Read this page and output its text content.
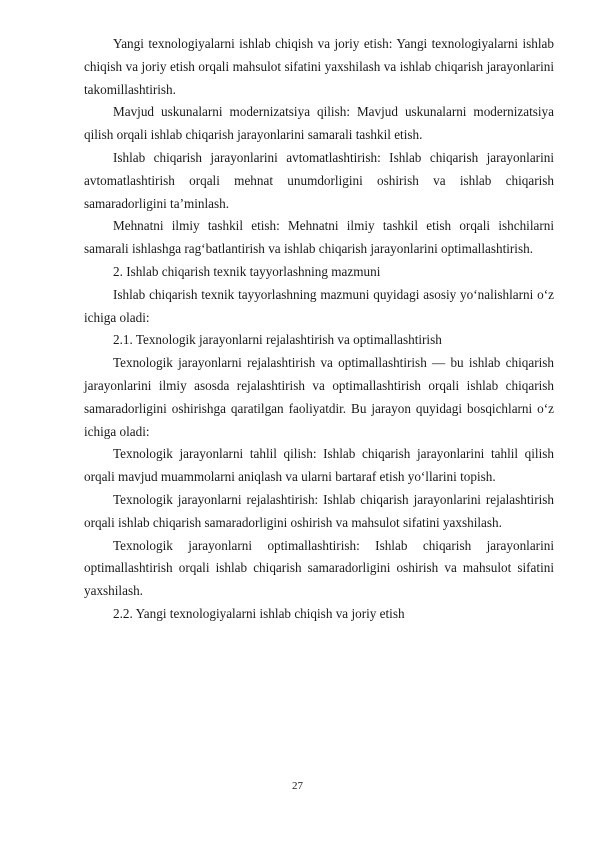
Yangi texnologiyalarni ishlab chiqish va joriy etish: Yangi texnologiyalarni ishlab chiqish va joriy etish orqali mahsulot sifatini yaxshilash va ishlab chiqarish jarayonlarini takomillashtirish.

Mavjud uskunalarni modernizatsiya qilish: Mavjud uskunalarni modernizatsiya qilish orqali ishlab chiqarish jarayonlarini samarali tashkil etish.

Ishlab chiqarish jarayonlarini avtomatlashtirish: Ishlab chiqarish jarayonlarini avtomatlashtirish orqali mehnat unumdorligini oshirish va ishlab chiqarish samaradorligini ta’minlash.

Mehnatni ilmiy tashkil etish: Mehnatni ilmiy tashkil etish orqali ishchilarni samarali ishlashga rag‘batlantirish va ishlab chiqarish jarayonlarini optimallashtirish.

2. Ishlab chiqarish texnik tayyorlashning mazmuni

Ishlab chiqarish texnik tayyorlashning mazmuni quyidagi asosiy yo‘nalishlarni o‘z ichiga oladi:

2.1. Texnologik jarayonlarni rejalashtirish va optimallashtirish

Texnologik jarayonlarni rejalashtirish va optimallashtirish — bu ishlab chiqarish jarayonlarini ilmiy asosda rejalashtirish va optimallashtirish orqali ishlab chiqarish samaradorligini oshirishga qaratilgan faoliyatdir. Bu jarayon quyidagi bosqichlarni o‘z ichiga oladi:

Texnologik jarayonlarni tahlil qilish: Ishlab chiqarish jarayonlarini tahlil qilish orqali mavjud muammolarni aniqlash va ularni bartaraf etish yo‘llarini topish.

Texnologik jarayonlarni rejalashtirish: Ishlab chiqarish jarayonlarini rejalashtirish orqali ishlab chiqarish samaradorligini oshirish va mahsulot sifatini yaxshilash.

Texnologik jarayonlarni optimallashtirish: Ishlab chiqarish jarayonlarini optimallashtirish orqali ishlab chiqarish samaradorligini oshirish va mahsulot sifatini yaxshilash.

2.2. Yangi texnologiyalarni ishlab chiqish va joriy etish

27
